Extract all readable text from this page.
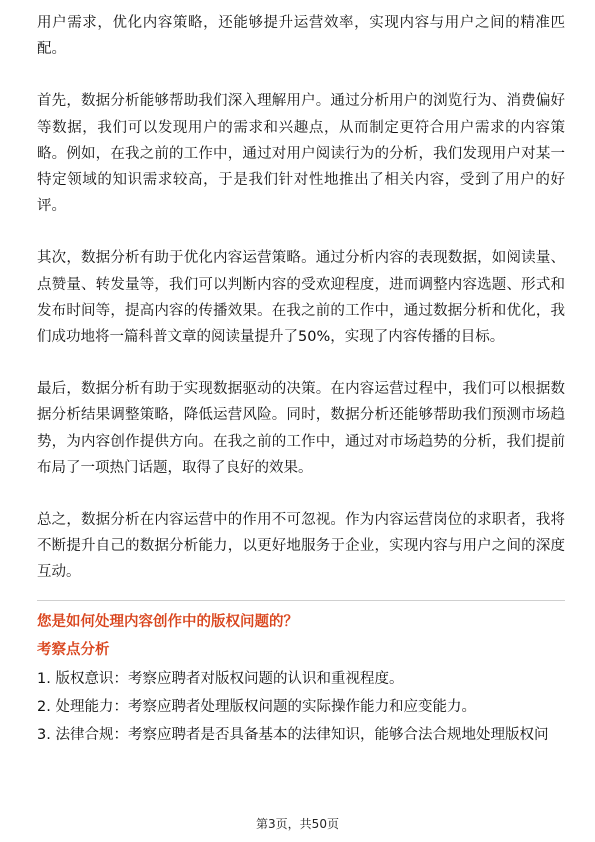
用户需求，优化内容策略，还能够提升运营效率，实现内容与用户之间的精准匹配。

首先，数据分析能够帮助我们深入理解用户。通过分析用户的浏览行为、消费偏好等数据，我们可以发现用户的需求和兴趣点，从而制定更符合用户需求的内容策略。例如，在我之前的工作中，通过对用户阅读行为的分析，我们发现用户对某一特定领域的知识需求较高，于是我们针对性地推出了相关内容，受到了用户的好评。

其次，数据分析有助于优化内容运营策略。通过分析内容的表现数据，如阅读量、点赞量、转发量等，我们可以判断内容的受欢迎程度，进而调整内容选题、形式和发布时间等，提高内容的传播效果。在我之前的工作中，通过数据分析和优化，我们成功地将一篇科普文章的阅读量提升了50%，实现了内容传播的目标。

最后，数据分析有助于实现数据驱动的决策。在内容运营过程中，我们可以根据数据分析结果调整策略，降低运营风险。同时，数据分析还能够帮助我们预测市场趋势，为内容创作提供方向。在我之前的工作中，通过对市场趋势的分析，我们提前布局了一项热门话题，取得了良好的效果。

总之，数据分析在内容运营中的作用不可忽视。作为内容运营岗位的求职者，我将不断提升自己的数据分析能力，以更好地服务于企业，实现内容与用户之间的深度互动。

您是如何处理内容创作中的版权问题的？
考察点分析
1. 版权意识：考察应聘者对版权问题的认识和重视程度。
2. 处理能力：考察应聘者处理版权问题的实际操作能力和应变能力。
3. 法律合规：考察应聘者是否具备基本的法律知识，能够合法合规地处理版权问
第3页，共50页
